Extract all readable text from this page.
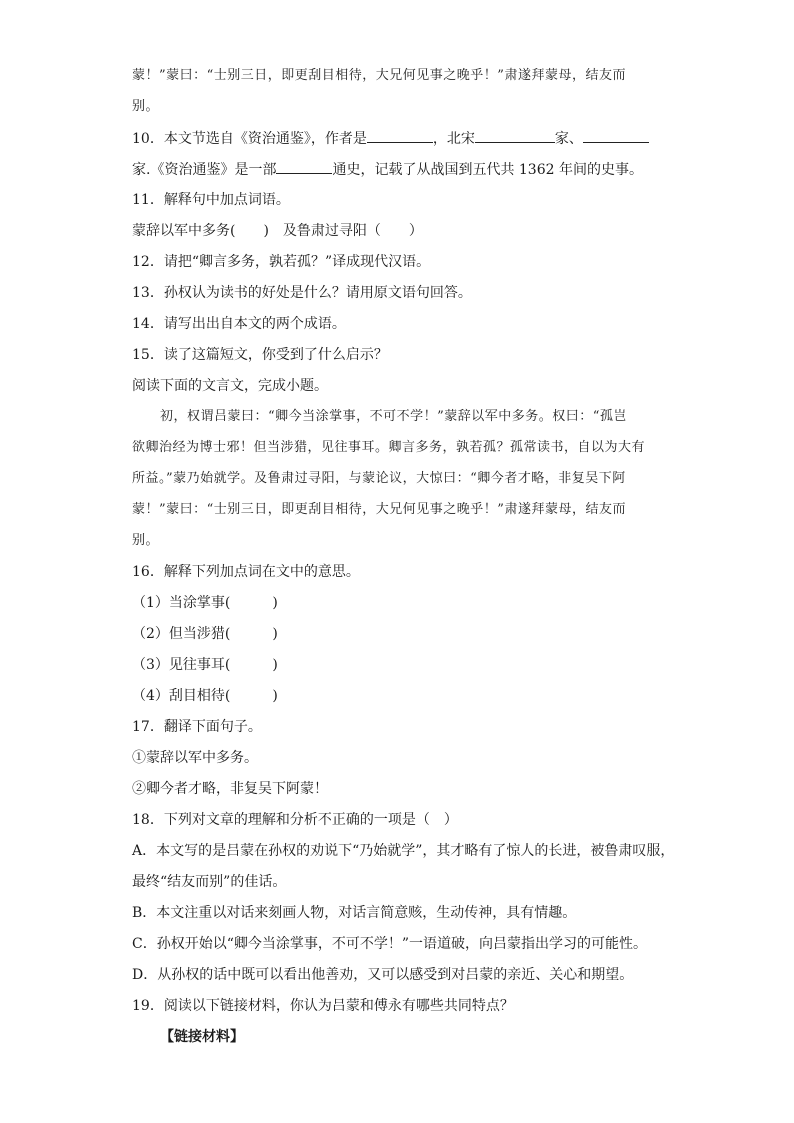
蒙！”蒙曰：“士别三日，即更刮目相待，大兄何见事之晚乎！”肃遂拜蒙母，结友而
别。
10．本文节选自《资治通鉴》，作者是	，北宋	家、
家.《资治通鉴》是一部	通史，记载了从战国到五代共 1362 年间的史事。
11．解释句中加点词语。
蒙辞以军中多务(　　)　及鲁肃过寻阳（　　）
12．请把“卿言多务，孰若孤？”译成现代汉语。
13．孙权认为读书的好处是什么？请用原文语句回答。
14．请写出出自本文的两个成语。
15．读了这篇短文，你受到了什么启示？
阅读下面的文言文，完成小题。
初，权谓吕蒙曰：“卿今当涂掌事，不可不学！”蒙辞以军中多务。权曰：“孤岂
欲卿治经为博士邪！但当涉猎，见往事耳。卿言多务，孰若孤？孤常读书，自以为大有
所益。”蒙乃始就学。及鲁肃过寻阳，与蒙论议，大惊曰：“卿今者才略，非复吴下阿
蒙！”蒙曰：“士别三日，即更刮目相待，大兄何见事之晚乎！”肃遂拜蒙母，结友而
别。
16．解释下列加点词在文中的意思。
（1）当涂掌事(　　　)
（2）但当涉猎(　　　)
（3）见往事耳(　　　)
（4）刮目相待(　　　)
17．翻译下面句子。
①蒙辞以军中多务。
②卿今者才略，非复吴下阿蒙！
18．下列对文章的理解和分析不正确的一项是（　）
A．本文写的是吕蒙在孙权的劝说下“乃始就学”，其才略有了惊人的长进，被鲁肃叹服，
最终“结友而别”的佳话。
B．本文注重以对话来刻画人物，对话言简意赅，生动传神，具有情趣。
C．孙权开始以“卿今当涂掌事，不可不学！”一语道破，向吕蒙指出学习的可能性。
D．从孙权的话中既可以看出他善劝，又可以感受到对吕蒙的亲近、关心和期望。
19．阅读以下链接材料，你认为吕蒙和傅永有哪些共同特点？
【链接材料】
